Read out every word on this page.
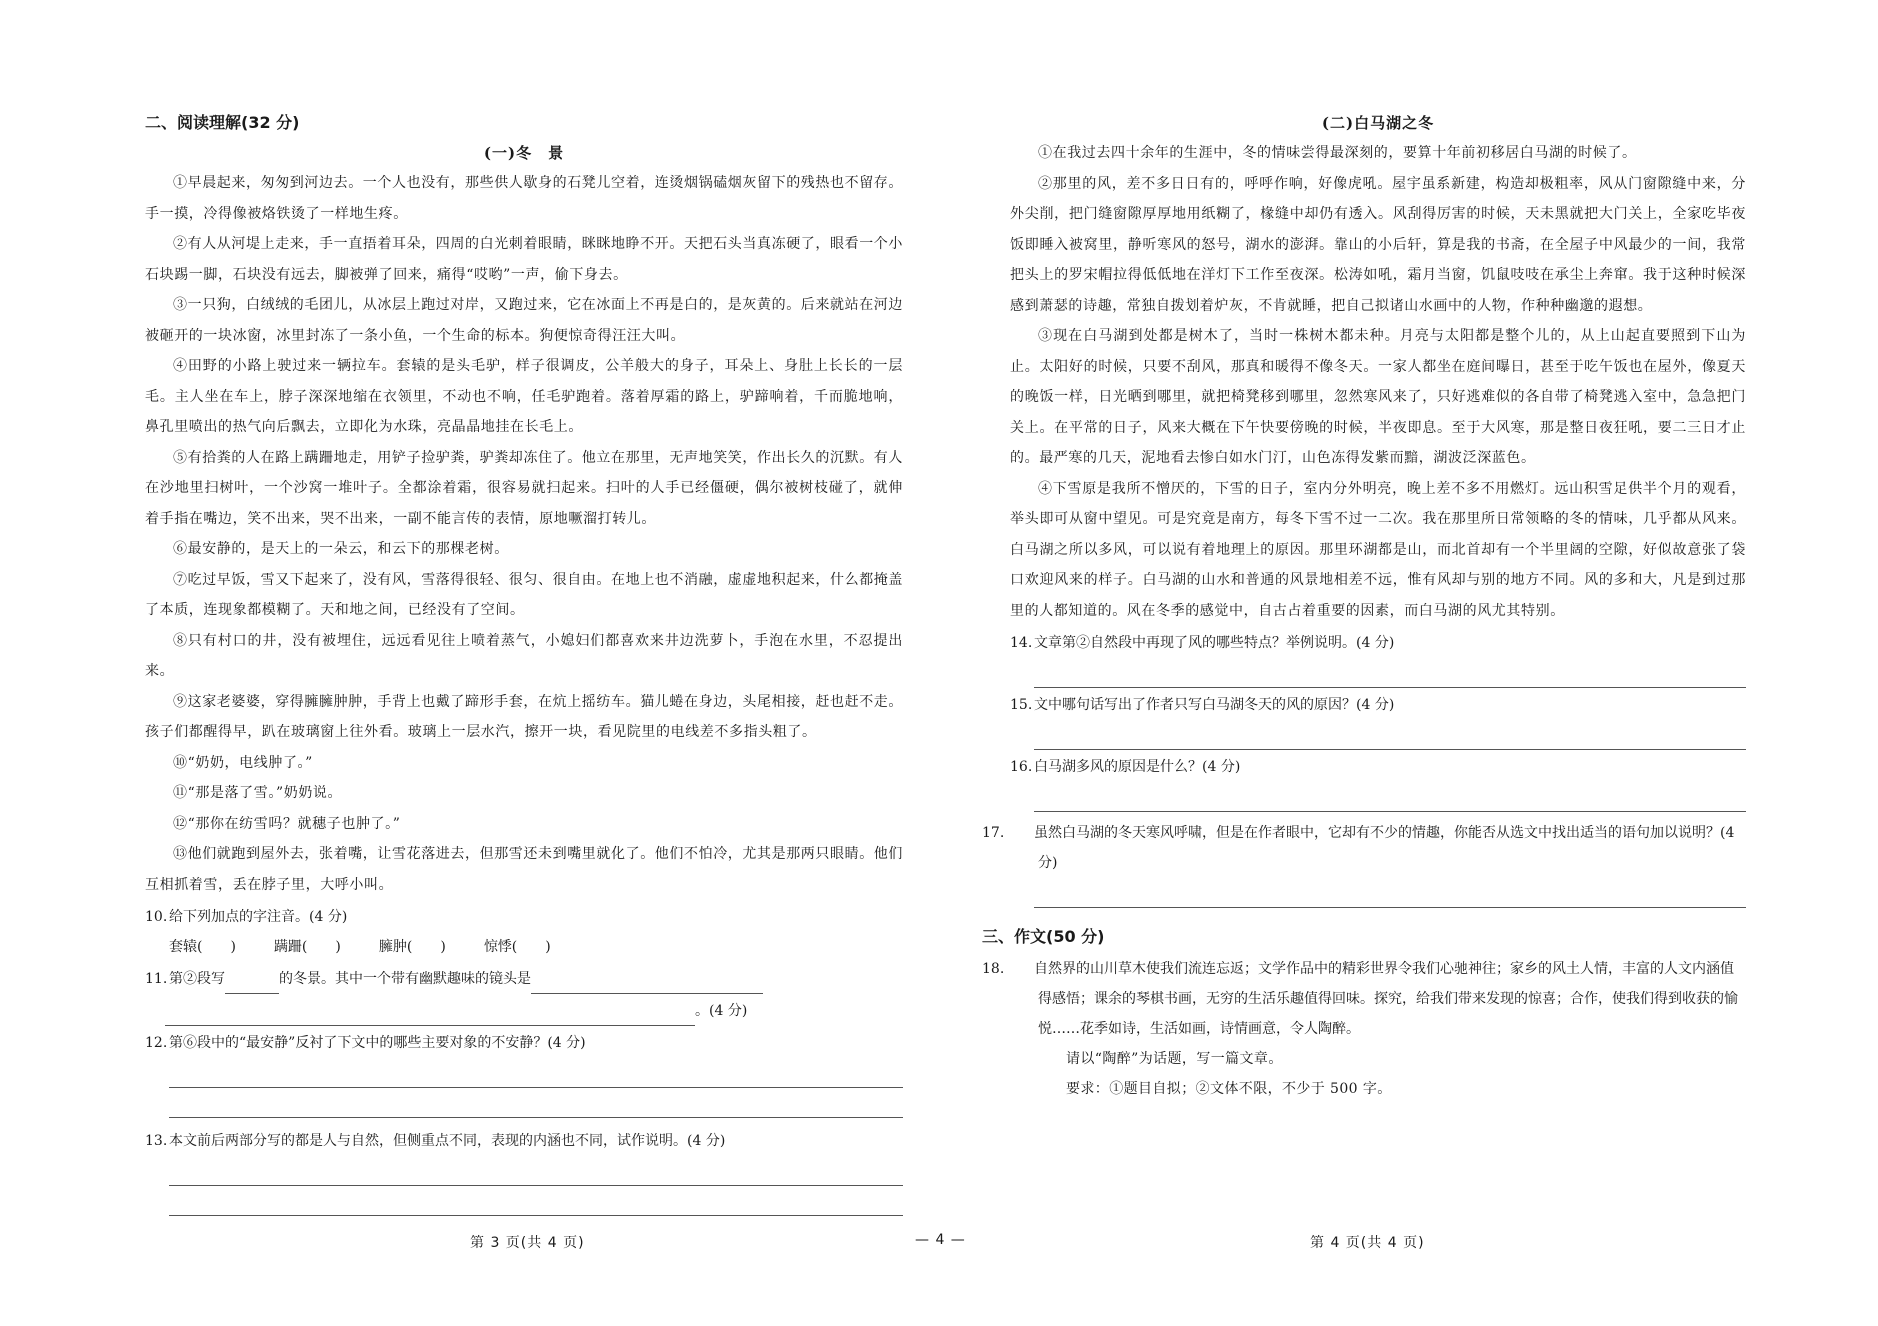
二、阅读理解(32 分)
(一)冬　景
①早晨起来，匆匆到河边去。一个人也没有，那些供人歇身的石凳儿空着，连烫烟锅磕烟灰留下的残热也不留存。手一摸，冷得像被烙铁烫了一样地生疼。
②有人从河堤上走来，手一直捂着耳朵，四周的白光刺着眼睛，眯眯地睁不开。天把石头当真冻硬了，眼看一个小石块踢一脚，石块没有远去，脚被弹了回来，痛得“哎哟”一声，偷下身去。
③一只狗，白绒绒的毛团儿，从冰层上跑过对岸，又跑过来，它在冰面上不再是白的，是灰黄的。后来就站在河边被砸开的一块冰窗，冰里封冻了一条小鱼，一个生命的标本。狗便惊奇得汪汪大叫。
④田野的小路上驶过来一辆拉车。套辕的是头毛驴，样子很调皮，公羊般大的身子，耳朵上、身肚上长长的一层毛。主人坐在车上，脖子深深地缩在衣领里，不动也不响，任毛驴跑着。落着厚霜的路上，驴蹄响着，千而脆地响，鼻孔里喷出的热气向后飘去，立即化为水珠，亮晶晶地挂在长毛上。
⑤有拾粪的人在路上蹒跚地走，用铲子捡驴粪，驴粪却冻住了。他立在那里，无声地笑笑，作出长久的沉默。有人在沙地里扫树叶，一个沙窝一堆叶子。全都涂着霜，很容易就扫起来。扫叶的人手已经僵硬，偶尔被树枝碰了，就伸着手指在嘴边，笑不出来，哭不出来，一副不能言传的表情，原地噘溜打转儿。
⑥最安静的，是天上的一朵云，和云下的那棵老树。
⑦吃过早饭，雪又下起来了，没有风，雪落得很轻、很匀、很自由。在地上也不消融，虚虚地积起来，什么都掩盖了本质，连现象都模糊了。天和地之间，已经没有了空间。
⑧只有村口的井，没有被埋住，远远看见往上喷着蒸气，小媳妇们都喜欢来井边洗萝卜，手泡在水里，不忍提出来。
⑨这家老婆婆，穿得臃臃肿肿，手背上也戴了蹄形手套，在炕上摇纺车。猫儿蜷在身边，头尾相接，赶也赶不走。孩子们都醒得早，趴在玻璃窗上往外看。玻璃上一层水汽，擦开一块，看见院里的电线差不多指头粗了。
⑩“奶奶，电线肿了。”
⑪“那是落了雪。”奶奶说。
⑫“那你在纺雪吗？就穗子也肿了。”
⑬他们就跑到屋外去，张着嘴，让雪花落进去，但那雪还未到嘴里就化了。他们不怕冷，尤其是那两只眼睛。他们互相抓着雪，丢在脖子里，大呼小叫。
10. 给下列加点的字注音。(4 分)
套辕(　　)	蹒跚(　　)	臃肿(　　)	惊悸(　　)
11. 第②段写	的冬景。其中一个带有幽默趣味的镜头是
。(4 分)
12. 第⑥段中的“最安静”反衬了下文中的哪些主要对象的不安静？(4 分)
13. 本文前后两部分写的都是人与自然，但侧重点不同，表现的内涵也不同，试作说明。(4 分)
(二)白马湖之冬
①在我过去四十余年的生涯中，冬的情味尝得最深刻的，要算十年前初移居白马湖的时候了。
②那里的风，差不多日日有的，呼呼作响，好像虎吼。屋宇虽系新建，构造却极粗率，风从门窗隙缝中来，分外尖削，把门缝窗隙厚厚地用纸糊了，椽缝中却仍有透入。风刮得厉害的时候，天未黑就把大门关上，全家吃毕夜饭即睡入被窝里，静听寒风的怒号，湖水的澎湃。靠山的小后轩，算是我的书斋，在全屋子中风最少的一间，我常把头上的罗宋帽拉得低低地在洋灯下工作至夜深。松涛如吼，霜月当窗，饥鼠吱吱在承尘上奔窜。我于这种时候深感到萧瑟的诗趣，常独自拨划着炉灰，不肯就睡，把自己拟诸山水画中的人物，作种种幽邈的遐想。
③现在白马湖到处都是树木了，当时一株树木都未种。月亮与太阳都是整个儿的，从上山起直要照到下山为止。太阳好的时候，只要不刮风，那真和暖得不像冬天。一家人都坐在庭间曝日，甚至于吃午饭也在屋外，像夏天的晚饭一样，日光晒到哪里，就把椅凳移到哪里，忽然寒风来了，只好逃难似的各自带了椅凳逃入室中，急急把门关上。在平常的日子，风来大概在下午快要傍晚的时候，半夜即息。至于大风寒，那是整日夜狂吼，要二三日才止的。最严寒的几天，泥地看去惨白如水门汀，山色冻得发紫而黯，湖波泛深蓝色。
④下雪原是我所不憎厌的，下雪的日子，室内分外明亮，晚上差不多不用燃灯。远山积雪足供半个月的观看，举头即可从窗中望见。可是究竟是南方，每冬下雪不过一二次。我在那里所日常领略的冬的情味，几乎都从风来。白马湖之所以多风，可以说有着地理上的原因。那里环湖都是山，而北首却有一个半里阔的空隙，好似故意张了袋口欢迎风来的样子。白马湖的山水和普通的风景地相差不远，惟有风却与别的地方不同。风的多和大，凡是到过那里的人都知道的。风在冬季的感觉中，自古占着重要的因素，而白马湖的风尤其特别。
14. 文章第②自然段中再现了风的哪些特点？举例说明。(4 分)
15. 文中哪句话写出了作者只写白马湖冬天的风的原因？(4 分)
16. 白马湖多风的原因是什么？(4 分)
17. 虽然白马湖的冬天寒风呼啸，但是在作者眼中，它却有不少的情趣，你能否从选文中找出适当的语句加以说明？(4 分)
三、作文(50 分)
18. 自然界的山川草木使我们流连忘返；文学作品中的精彩世界令我们心驰神往；家乡的风土人情，丰富的人文内涵值得感悟；课余的琴棋书画，无穷的生活乐趣值得回味。探究，给我们带来发现的惊喜；合作，使我们得到收获的愉悦……花季如诗，生活如画，诗情画意，令人陶醉。
请以“陶醉”为话题，写一篇文章。
要求：①题目自拟；②文体不限，不少于 500 字。
第 3 页(共 4 页)	— 4 —	第 4 页(共 4 页)
